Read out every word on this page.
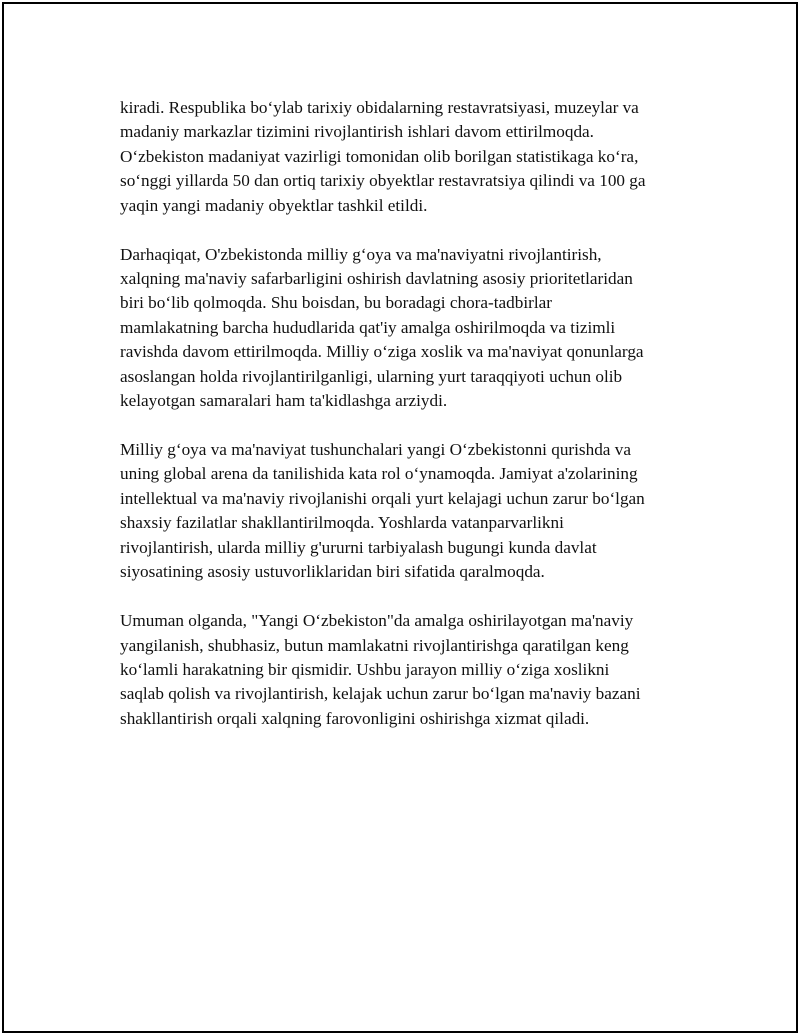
kiradi. Respublika bo‘ylab tarixiy obidalarning restavratsiyasi, muzeylar va
madaniy markazlar tizimini rivojlantirish ishlari davom ettirilmoqda.
O‘zbekiston madaniyat vazirligi tomonidan olib borilgan statistikaga ko‘ra,
so‘nggi yillarda 50 dan ortiq tarixiy obyektlar restavratsiya qilindi va 100 ga
yaqin yangi madaniy obyektlar tashkil etildi.

Darhaqiqat, O'zbekistonda milliy g‘oya va ma'naviyatni rivojlantirish,
xalqning ma'naviy safarbarligini oshirish davlatning asosiy prioritetlaridan
biri bo‘lib qolmoqda. Shu boisdan, bu boradagi chora-tadbirlar
mamlakatning barcha hududlarida qat'iy amalga oshirilmoqda va tizimli
ravishda davom ettirilmoqda. Milliy o‘ziga xoslik va ma'naviyat qonunlarga
asoslangan holda rivojlantirilganligi, ularning yurt taraqqiyoti uchun olib
kelayotgan samaralari ham ta'kidlashga arziydi.

Milliy g‘oya va ma'naviyat tushunchalari yangi O‘zbekistonni qurishda va
uning global arena da tanilishida kata rol o‘ynamoqda. Jamiyat a'zolarining
intellektual va ma'naviy rivojlanishi orqali yurt kelajagi uchun zarur bo‘lgan
shaxsiy fazilatlar shakllantirilmoqda. Yoshlarda vatanparvarlikni
rivojlantirish, ularda milliy g'ururni tarbiyalash bugungi kunda davlat
siyosatining asosiy ustuvorliklaridan biri sifatida qaralmoqda.

Umuman olganda, "Yangi O‘zbekiston"da amalga oshirilayotgan ma'naviy
yangilanish, shubhasiz, butun mamlakatni rivojlantirishga qaratilgan keng
ko‘lamli harakatning bir qismidir. Ushbu jarayon milliy o‘ziga xoslikni
saqlab qolish va rivojlantirish, kelajak uchun zarur bo‘lgan ma'naviy bazani
shakllantirish orqali xalqning farovonligini oshirishga xizmat qiladi.
